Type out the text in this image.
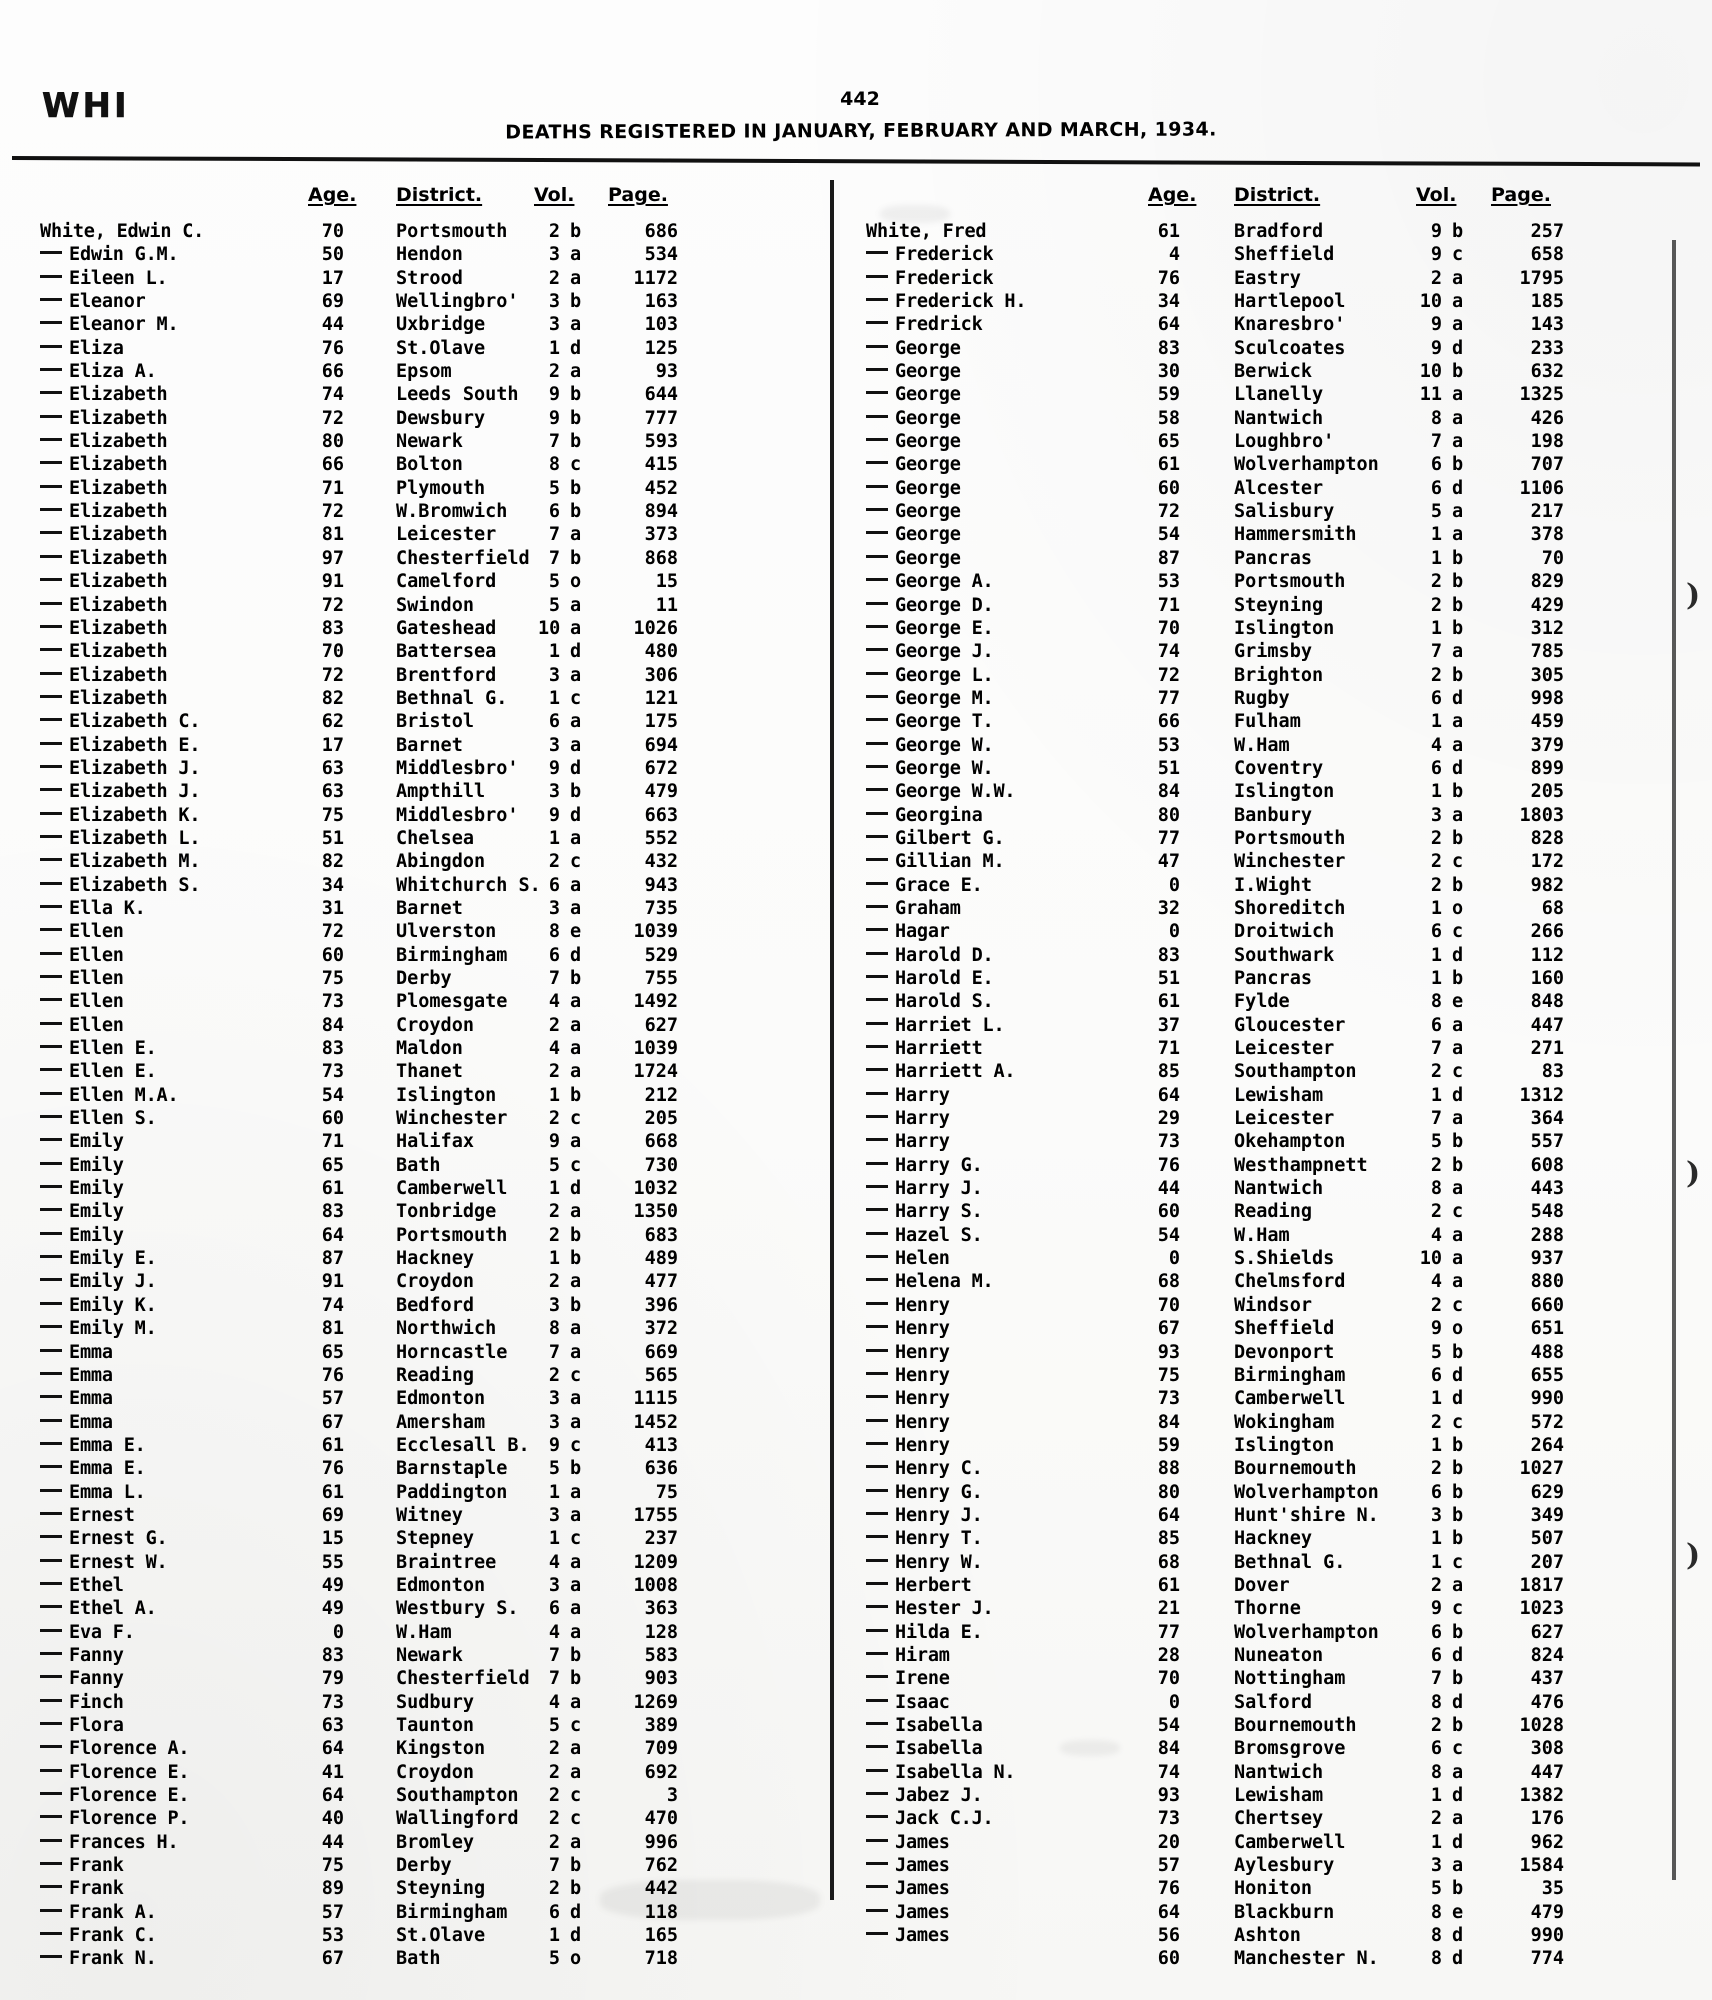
WHI	442
DEATHS REGISTERED IN JANUARY, FEBRUARY AND MARCH, 1934.
Age. District.	Vol. Page.
White, Edwin C.	70	Portsmouth	2 b	686
Edwin G.M.	50	Hendon	3 a	534
Eileen L.	17	Strood	2 a	1172
Eleanor	69	Wellingbro'	3 b	163
Eleanor M.	44	Uxbridge	3 a	103
Eliza	76	St.Olave	1 d	125
Eliza A.	66	Epsom	2 a	93
Elizabeth	74	Leeds South	9 b	644
Elizabeth	72	Dewsbury	9 b	777
Elizabeth	80	Newark	7 b	593
Elizabeth	66	Bolton	8 c	415
Elizabeth	71	Plymouth	5 b	452
Elizabeth	72	W.Bromwich	6 b	894
Elizabeth	81	Leicester	7 a	373
Elizabeth	97	Chesterfield	7 b	868
Elizabeth	91	Camelford	5 o	15
Elizabeth	72	Swindon	5 a	11
Elizabeth	83	Gateshead 10 a	1026
Elizabeth	70	Battersea	1 d	480
Elizabeth	72	Brentford	3 a	306
Elizabeth	82	Bethnal G.	1 c	121
Elizabeth C.	62	Bristol	6 a	175
Elizabeth E.	17	Barnet	3 a	694
Elizabeth J.	63	Middlesbro'	9 d	672
Elizabeth J.	63	Ampthill	3 b	479
Elizabeth K.	75	Middlesbro'	9 d	663
Elizabeth L.	51	Chelsea	1 a	552
Elizabeth M.	82	Abingdon	2 c	432
Elizabeth S.	34	Whitchurch S. 6 a	943
Ella K.	31	Barnet	3 a	735
Ellen	72	Ulverston	8 e	1039
Ellen	60	Birmingham	6 d	529
Ellen	75	Derby	7 b	755
Ellen	73	Plomesgate	4 a	1492
Ellen	84	Croydon	2 a	627
Ellen E.	83	Maldon	4 a	1039
Ellen E.	73	Thanet	2 a	1724
Ellen M.A.	54	Islington	1 b	212
Ellen S.	60	Winchester	2 c	205
Emily	71	Halifax	9 a	668
Emily	65	Bath	5 c	730
Emily	61	Camberwell	1 d	1032
Emily	83	Tonbridge	2 a	1350
Emily	64	Portsmouth	2 b	683
Emily E.	87	Hackney	1 b	489
Emily J.	91	Croydon	2 a	477
Emily K.	74	Bedford	3 b	396
Emily M.	81	Northwich	8 a	372
Emma	65	Horncastle	7 a	669
Emma	76	Reading	2 c	565
Emma	57	Edmonton	3 a	1115
Emma	67	Amersham	3 a	1452
Emma E.	61	Ecclesall B.	9 c	413
Emma E.	76	Barnstaple	5 b	636
Emma L.	61	Paddington	1 a	75
Ernest	69	Witney	3 a	1755
Ernest G.	15	Stepney	1 c	237
Ernest W.	55	Braintree	4 a	1209
Ethel	49	Edmonton	3 a	1008
Ethel A.	49	Westbury S.	6 a	363
Eva F.	0	W.Ham	4 a	128
Fanny	83	Newark	7 b	583
Fanny	79	Chesterfield	7 b	903
Finch	73	Sudbury	4 a	1269
Flora	63	Taunton	5 c	389
Florence A.	64	Kingston	2 a	709
Florence E.	41	Croydon	2 a	692
Florence E.	64	Southampton	2 c	3
Florence P.	40	Wallingford	2 c	470
Frances H.	44	Bromley	2 a	996
Frank	75	Derby	7 b	762
Frank	89	Steyning	2 b	442
Frank A.	57	Birmingham	6 d	118
Frank C.	53	St.Olave	1 d	165
Frank N.	67	Bath	5 o	718
Age. District.	Vol. Page.
White, Fred	61	Bradford	9 b	257
Frederick	4	Sheffield	9 c	658
Frederick	76	Eastry	2 a	1795
Frederick H.	34	Hartlepool	10 a	185
Fredrick	64	Knaresbro'	9 a	143
George	83	Sculcoates	9 d	233
George	30	Berwick	10 b	632
George	59	Llanelly	11 a	1325
George	58	Nantwich	8 a	426
George	65	Loughbro'	7 a	198
George	61	Wolverhampton	6 b	707
George	60	Alcester	6 d	1106
George	72	Salisbury	5 a	217
George	54	Hammersmith	1 a	378
George	87	Pancras	1 b	70
George A.	53	Portsmouth	2 b	829
George D.	71	Steyning	2 b	429
George E.	70	Islington	1 b	312
George J.	74	Grimsby	7 a	785
George L.	72	Brighton	2 b	305
George M.	77	Rugby	6 d	998
George T.	66	Fulham	1 a	459
George W.	53	W.Ham	4 a	379
George W.	51	Coventry	6 d	899
George W.W.	84	Islington	1 b	205
Georgina	80	Banbury	3 a	1803
Gilbert G.	77	Portsmouth	2 b	828
Gillian M.	47	Winchester	2 c	172
Grace E.	0	I.Wight	2 b	982
Graham	32	Shoreditch	1 o	68
Hagar	0	Droitwich	6 c	266
Harold D.	83	Southwark	1 d	112
Harold E.	51	Pancras	1 b	160
Harold S.	61	Fylde	8 e	848
Harriet L.	37	Gloucester	6 a	447
Harriett	71	Leicester	7 a	271
Harriett A.	85	Southampton	2 c	83
Harry	64	Lewisham	1 d	1312
Harry	29	Leicester	7 a	364
Harry	73	Okehampton	5 b	557
Harry G.	76	Westhampnett	2 b	608
Harry J.	44	Nantwich	8 a	443
Harry S.	60	Reading	2 c	548
Hazel S.	54	W.Ham	4 a	288
Helen	0	S.Shields	10 a	937
Helena M.	68	Chelmsford	4 a	880
Henry	70	Windsor	2 c	660
Henry	67	Sheffield	9 o	651
Henry	93	Devonport	5 b	488
Henry	75	Birmingham	6 d	655
Henry	73	Camberwell	1 d	990
Henry	84	Wokingham	2 c	572
Henry	59	Islington	1 b	264
Henry C.	88	Bournemouth	2 b	1027
Henry G.	80	Wolverhampton	6 b	629
Henry J.	64	Hunt'shire N.	3 b	349
Henry T.	85	Hackney	1 b	507
Henry W.	68	Bethnal G.	1 c	207
Herbert	61	Dover	2 a	1817
Hester J.	21	Thorne	9 c	1023
Hilda E.	77	Wolverhampton	6 b	627
Hiram	28	Nuneaton	6 d	824
Irene	70	Nottingham	7 b	437
Isaac	0	Salford	8 d	476
Isabella	54	Bournemouth	2 b	1028
Isabella	84	Bromsgrove	6 c	308
Isabella N.	74	Nantwich	8 a	447
Jabez J.	93	Lewisham	1 d	1382
Jack C.J.	73	Chertsey	2 a	176
James	20	Camberwell	1 d	962
James	57	Aylesbury	3 a	1584
James	76	Honiton	5 b	35
James	64	Blackburn	8 e	479
James	56	Ashton	8 d	990
60	Manchester N.	8 d	774
)
)
)
